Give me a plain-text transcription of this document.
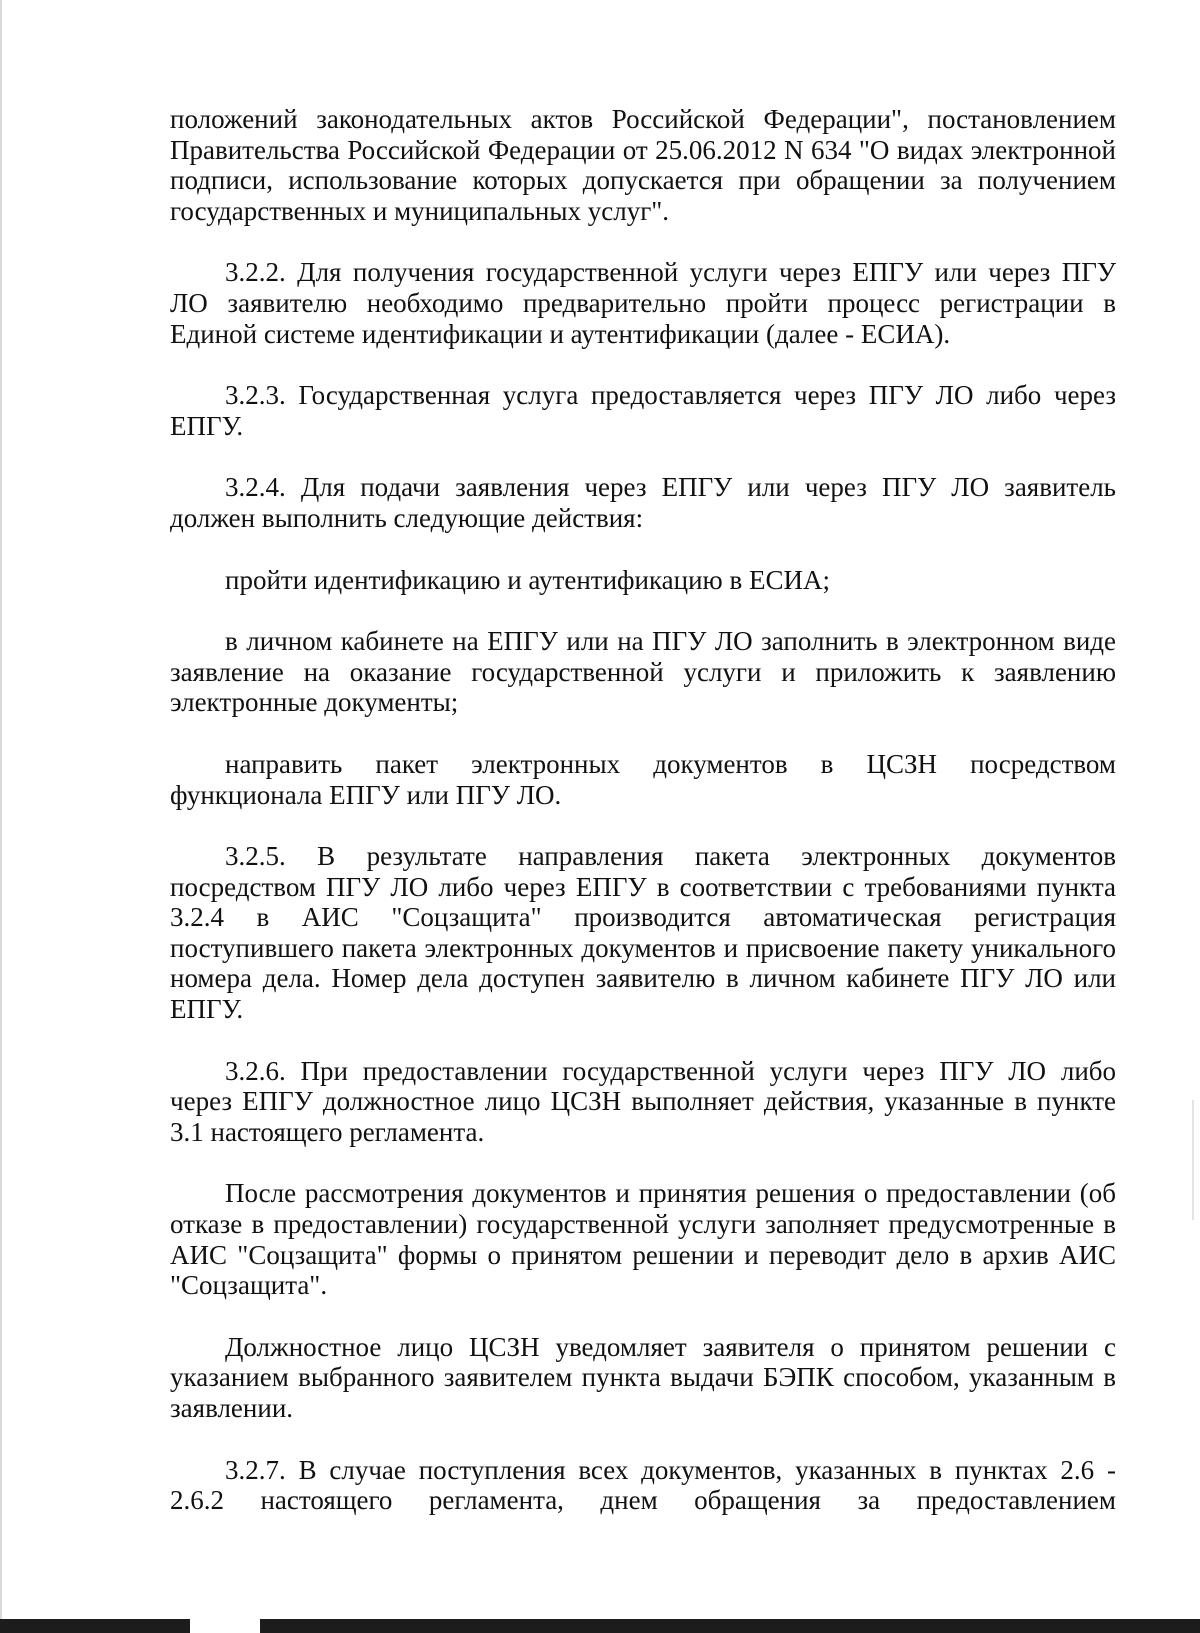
положений законодательных актов Российской Федерации", постановлением Правительства Российской Федерации от 25.06.2012 N 634 "О видах электронной подписи, использование которых допускается при обращении за получением государственных и муниципальных услуг".

3.2.2. Для получения государственной услуги через ЕПГУ или через ПГУ ЛО заявителю необходимо предварительно пройти процесс регистрации в Единой системе идентификации и аутентификации (далее - ЕСИА).

3.2.3. Государственная услуга предоставляется через ПГУ ЛО либо через ЕПГУ.

3.2.4. Для подачи заявления через ЕПГУ или через ПГУ ЛО заявитель должен выполнить следующие действия:

пройти идентификацию и аутентификацию в ЕСИА;

в личном кабинете на ЕПГУ или на ПГУ ЛО заполнить в электронном виде заявление на оказание государственной услуги и приложить к заявлению электронные документы;

направить пакет электронных документов в ЦСЗН посредством функционала ЕПГУ или ПГУ ЛО.

3.2.5. В результате направления пакета электронных документов посредством ПГУ ЛО либо через ЕПГУ в соответствии с требованиями пункта 3.2.4 в АИС "Соцзащита" производится автоматическая регистрация поступившего пакета электронных документов и присвоение пакету уникального номера дела. Номер дела доступен заявителю в личном кабинете ПГУ ЛО или ЕПГУ.

3.2.6. При предоставлении государственной услуги через ПГУ ЛО либо через ЕПГУ должностное лицо ЦСЗН выполняет действия, указанные в пункте 3.1 настоящего регламента.

После рассмотрения документов и принятия решения о предоставлении (об отказе в предоставлении) государственной услуги заполняет предусмотренные в АИС "Соцзащита" формы о принятом решении и переводит дело в архив АИС "Соцзащита".

Должностное лицо ЦСЗН уведомляет заявителя о принятом решении с указанием выбранного заявителем пункта выдачи БЭПК способом, указанным в заявлении.

3.2.7. В случае поступления всех документов, указанных в пунктах 2.6 - 2.6.2 настоящего регламента, днем обращения за предоставлением
